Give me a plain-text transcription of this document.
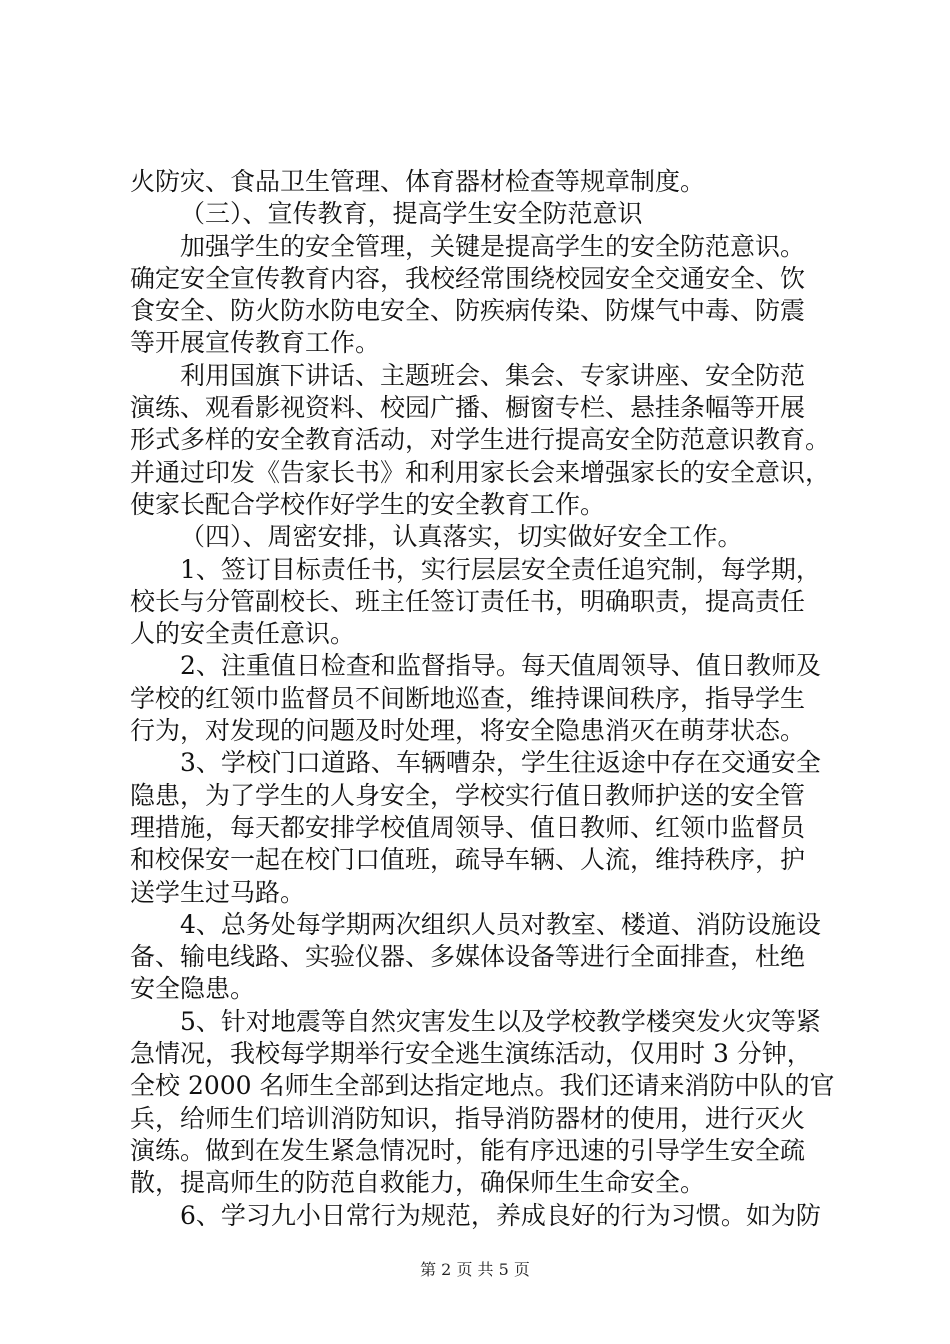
火防灾、食品卫生管理、体育器材检查等规章制度。
（三）、宣传教育，提高学生安全防范意识
加强学生的安全管理，关键是提高学生的安全防范意识。
确定安全宣传教育内容，我校经常围绕校园安全交通安全、饮
食安全、防火防水防电安全、防疾病传染、防煤气中毒、防震
等开展宣传教育工作。
利用国旗下讲话、主题班会、集会、专家讲座、安全防范
演练、观看影视资料、校园广播、橱窗专栏、悬挂条幅等开展
形式多样的安全教育活动，对学生进行提高安全防范意识教育。
并通过印发《告家长书》和利用家长会来增强家长的安全意识，
使家长配合学校作好学生的安全教育工作。
（四）、周密安排，认真落实，切实做好安全工作。
1、签订目标责任书，实行层层安全责任追究制，每学期，
校长与分管副校长、班主任签订责任书，明确职责，提高责任
人的安全责任意识。
2、注重值日检查和监督指导。每天值周领导、值日教师及
学校的红领巾监督员不间断地巡查，维持课间秩序，指导学生
行为，对发现的问题及时处理，将安全隐患消灭在萌芽状态。
3、学校门口道路、车辆嘈杂，学生往返途中存在交通安全
隐患，为了学生的人身安全，学校实行值日教师护送的安全管
理措施，每天都安排学校值周领导、值日教师、红领巾监督员
和校保安一起在校门口值班，疏导车辆、人流，维持秩序，护
送学生过马路。
4、总务处每学期两次组织人员对教室、楼道、消防设施设
备、输电线路、实验仪器、多媒体设备等进行全面排查，杜绝
安全隐患。
5、针对地震等自然灾害发生以及学校教学楼突发火灾等紧
急情况，我校每学期举行安全逃生演练活动，仅用时 3 分钟，
全校 2000 名师生全部到达指定地点。我们还请来消防中队的官
兵，给师生们培训消防知识，指导消防器材的使用，进行灭火
演练。做到在发生紧急情况时，能有序迅速的引导学生安全疏
散，提高师生的防范自救能力，确保师生生命安全。
6、学习九小日常行为规范，养成良好的行为习惯。如为防
第 2 页 共 5 页
